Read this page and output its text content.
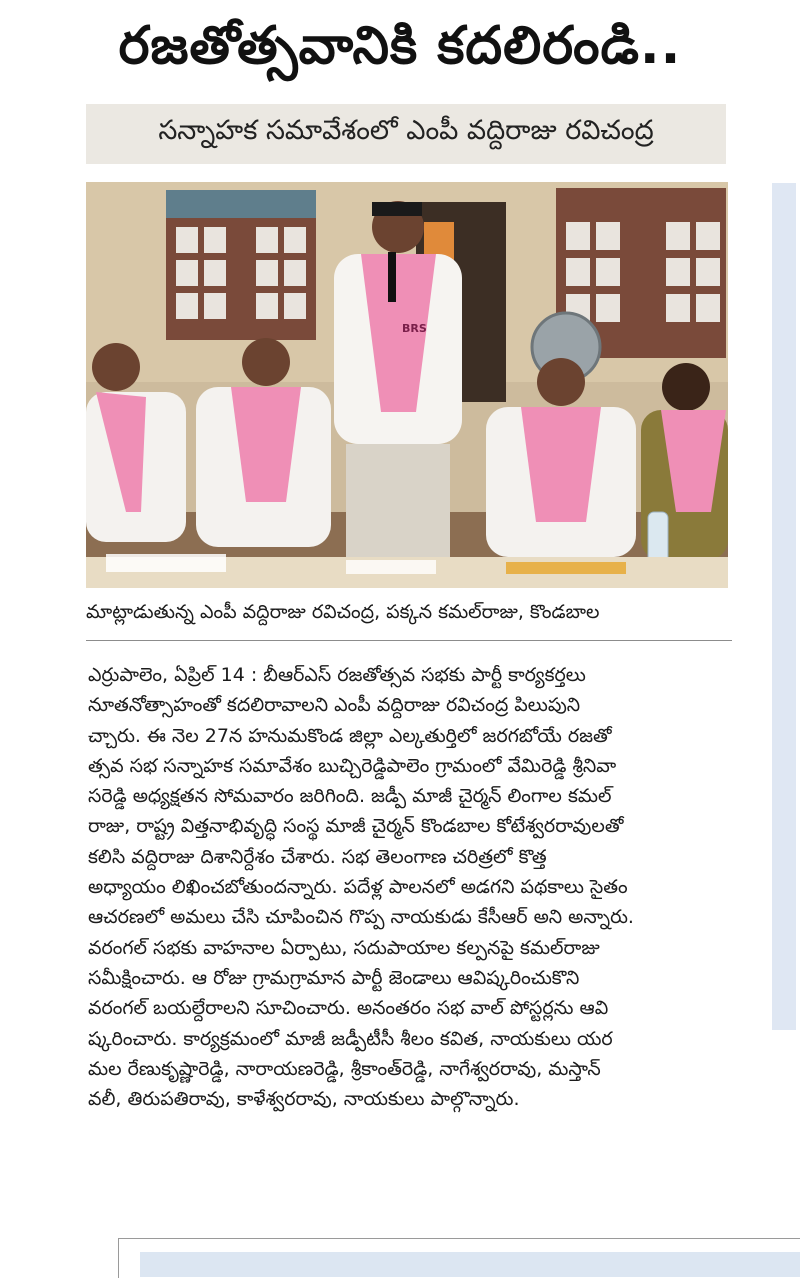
రజతోత్సవానికి కదలిరండి..
సన్నాహక సమావేశంలో ఎంపీ వద్దిరాజు రవిచంద్ర
BRS
మాట్లాడుతున్న ఎంపీ వద్దిరాజు రవిచంద్ర, పక్కన కమల్‌రాజు, కొండబాల
ఎర్రుపాలెం, ఏప్రిల్ 14 : బీఆర్ఎస్ రజతోత్సవ సభకు పార్టీ కార్యకర్తలు
నూతనోత్సాహంతో కదలిరావాలని ఎంపీ వద్దిరాజు రవిచంద్ర పిలుపుని
చ్చారు. ఈ నెల 27న హనుమకొండ జిల్లా ఎల్కతుర్తిలో జరగబోయే రజతో
త్సవ సభ సన్నాహక సమావేశం బుచ్చిరెడ్డిపాలెం గ్రామంలో వేమిరెడ్డి శ్రీనివా
సరెడ్డి అధ్యక్షతన సోమవారం జరిగింది. జడ్పీ మాజీ చైర్మన్ లింగాల కమల్
రాజు, రాష్ట్ర విత్తనాభివృద్ధి సంస్థ మాజీ చైర్మన్ కొండబాల కోటేశ్వరరావులతో
కలిసి వద్దిరాజు దిశానిర్దేశం చేశారు. సభ తెలంగాణ చరిత్రలో కొత్త
అధ్యాయం లిఖించబోతుందన్నారు. పదేళ్ల పాలనలో అడగని పథకాలు సైతం
ఆచరణలో అమలు చేసి చూపించిన గొప్ప నాయకుడు కేసీఆర్ అని అన్నారు.
వరంగల్ సభకు వాహనాల ఏర్పాటు, సదుపాయాల కల్పనపై కమల్‌రాజు
సమీక్షించారు. ఆ రోజు గ్రామగ్రామాన పార్టీ జెండాలు ఆవిష్కరించుకొని
వరంగల్ బయల్దేరాలని సూచించారు. అనంతరం సభ వాల్ పోస్టర్లను ఆవి
ష్కరించారు. కార్యక్రమంలో మాజీ జడ్పీటీసీ శీలం కవిత, నాయకులు యర
మల రేణుకృష్ణారెడ్డి, నారాయణరెడ్డి, శ్రీకాంత్‌రెడ్డి, నాగేశ్వరరావు, మస్తాన్
వలీ, తిరుపతిరావు, కాళేశ్వరరావు, నాయకులు పాల్గొన్నారు.
